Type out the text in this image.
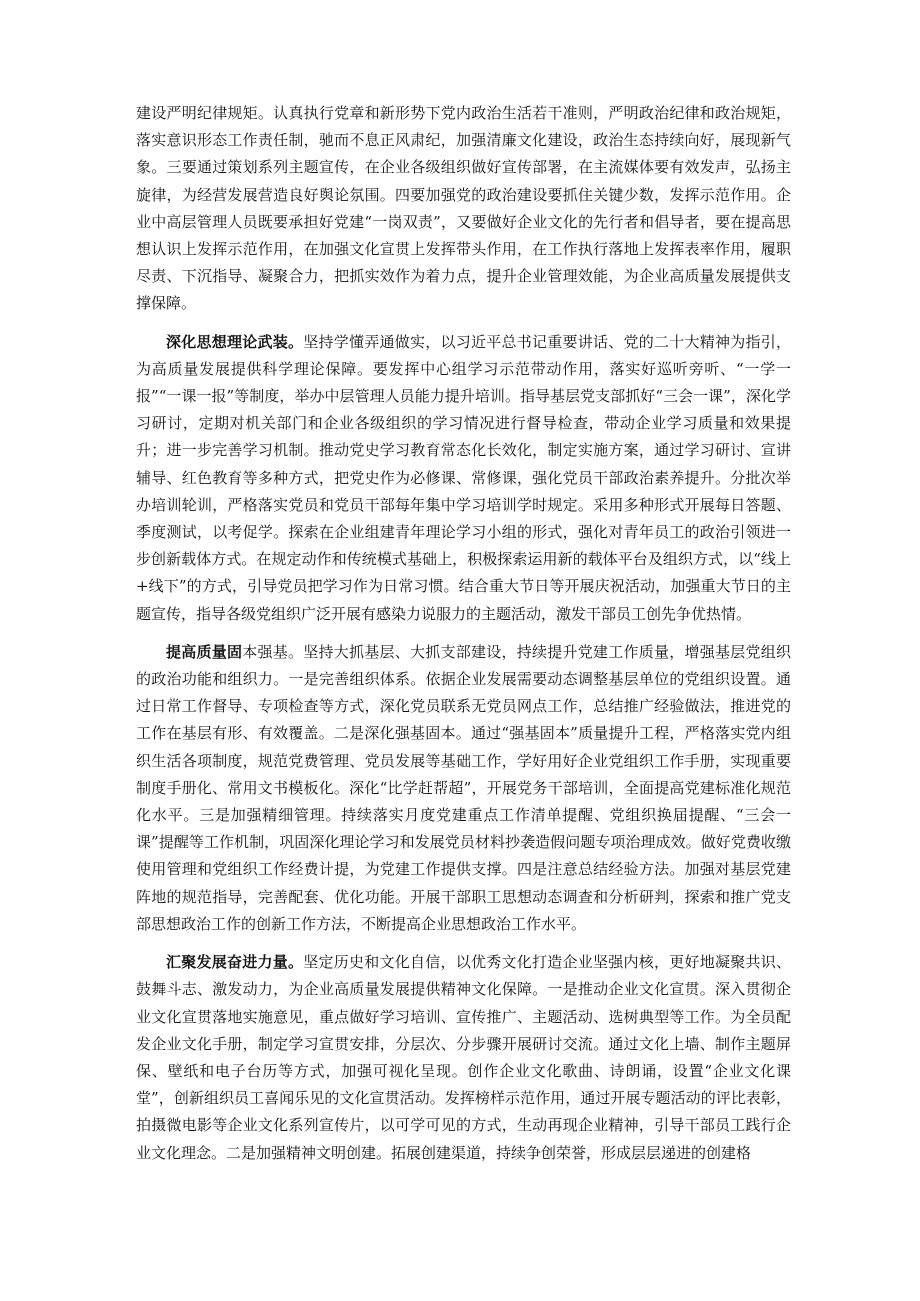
建设严明纪律规矩。认真执行党章和新形势下党内政治生活若干准则，严明政治纪律和政治规矩，落实意识形态工作责任制，驰而不息正风肃纪，加强清廉文化建设，政治生态持续向好，展现新气象。三要通过策划系列主题宣传，在企业各级组织做好宣传部署，在主流媒体要有效发声，弘扬主旋律，为经营发展营造良好舆论氛围。四要加强党的政治建设要抓住关键少数，发挥示范作用。企业中高层管理人员既要承担好党建“一岗双责”，又要做好企业文化的先行者和倡导者，要在提高思想认识上发挥示范作用，在加强文化宣贯上发挥带头作用，在工作执行落地上发挥表率作用，履职尽责、下沉指导、凝聚合力，把抓实效作为着力点，提升企业管理效能，为企业高质量发展提供支撑保障。

深化思想理论武装。坚持学懂弄通做实，以习近平总书记重要讲话、党的二十大精神为指引，为高质量发展提供科学理论保障。要发挥中心组学习示范带动作用，落实好巡听旁听、“一学一报”“一课一报”等制度，举办中层管理人员能力提升培训。指导基层党支部抓好“三会一课”，深化学习研讨，定期对机关部门和企业各级组织的学习情况进行督导检查，带动企业学习质量和效果提升；进一步完善学习机制。推动党史学习教育常态化长效化，制定实施方案，通过学习研讨、宣讲辅导、红色教育等多种方式，把党史作为必修课、常修课，强化党员干部政治素养提升。分批次举办培训轮训，严格落实党员和党员干部每年集中学习培训学时规定。采用多种形式开展每日答题、季度测试，以考促学。探索在企业组建青年理论学习小组的形式，强化对青年员工的政治引领进一步创新载体方式。在规定动作和传统模式基础上，积极探索运用新的载体平台及组织方式，以“线上+线下”的方式，引导党员把学习作为日常习惯。结合重大节日等开展庆祝活动，加强重大节日的主题宣传，指导各级党组织广泛开展有感染力说服力的主题活动，激发干部员工创先争优热情。

提高质量固本强基。坚持大抓基层、大抓支部建设，持续提升党建工作质量，增强基层党组织的政治功能和组织力。一是完善组织体系。依据企业发展需要动态调整基层单位的党组织设置。通过日常工作督导、专项检查等方式，深化党员联系无党员网点工作，总结推广经验做法，推进党的工作在基层有形、有效覆盖。二是深化强基固本。通过“强基固本”质量提升工程，严格落实党内组织生活各项制度，规范党费管理、党员发展等基础工作，学好用好企业党组织工作手册，实现重要制度手册化、常用文书模板化。深化“比学赶帮超”，开展党务干部培训，全面提高党建标准化规范化水平。三是加强精细管理。持续落实月度党建重点工作清单提醒、党组织换届提醒、“三会一课”提醒等工作机制，巩固深化理论学习和发展党员材料抄袭造假问题专项治理成效。做好党费收缴使用管理和党组织工作经费计提，为党建工作提供支撑。四是注意总结经验方法。加强对基层党建阵地的规范指导，完善配套、优化功能。开展干部职工思想动态调查和分析研判，探索和推广党支部思想政治工作的创新工作方法，不断提高企业思想政治工作水平。

汇聚发展奋进力量。坚定历史和文化自信，以优秀文化打造企业坚强内核，更好地凝聚共识、鼓舞斗志、激发动力，为企业高质量发展提供精神文化保障。一是推动企业文化宣贯。深入贯彻企业文化宣贯落地实施意见，重点做好学习培训、宣传推广、主题活动、选树典型等工作。为全员配发企业文化手册，制定学习宣贯安排，分层次、分步骤开展研讨交流。通过文化上墙、制作主题屏保、壁纸和电子台历等方式，加强可视化呈现。创作企业文化歌曲、诗朗诵，设置“企业文化课堂”，创新组织员工喜闻乐见的文化宣贯活动。发挥榜样示范作用，通过开展专题活动的评比表彰，拍摄微电影等企业文化系列宣传片，以可学可见的方式，生动再现企业精神，引导干部员工践行企业文化理念。二是加强精神文明创建。拓展创建渠道，持续争创荣誉，形成层层递进的创建格
